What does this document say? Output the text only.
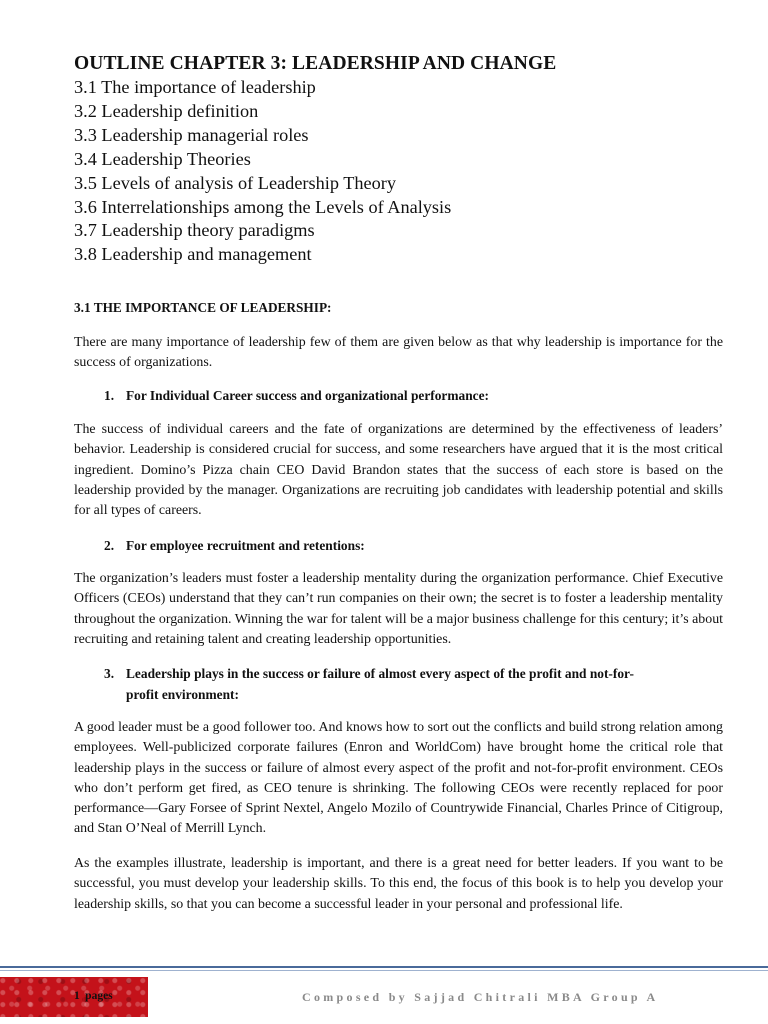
OUTLINE CHAPTER 3: LEADERSHIP AND CHANGE
3.1 The importance of leadership
3.2 Leadership definition
3.3 Leadership managerial roles
3.4 Leadership Theories
3.5 Levels of analysis of Leadership Theory
3.6 Interrelationships among the Levels of Analysis
3.7 Leadership theory paradigms
3.8 Leadership and management
3.1 THE IMPORTANCE OF LEADERSHIP:

There are many importance of leadership few of them are given below as that why leadership is importance for the success of organizations.

1. For Individual Career success and organizational performance:

The success of individual careers and the fate of organizations are determined by the effectiveness of leaders’ behavior. Leadership is considered crucial for success, and some researchers have argued that it is the most critical ingredient. Domino’s Pizza chain CEO David Brandon states that the success of each store is based on the leadership provided by the manager. Organizations are recruiting job candidates with leadership potential and skills for all types of careers.

2. For employee recruitment and retentions:

The organization’s leaders must foster a leadership mentality during the organization performance. Chief Executive Officers (CEOs) understand that they can’t run companies on their own; the secret is to foster a leadership mentality throughout the organization. Winning the war for talent will be a major business challenge for this century; it’s about recruiting and retaining talent and creating leadership opportunities.

3. Leadership plays in the success or failure of almost every aspect of the profit and not-for-
profit environment:

A good leader must be a good follower too. And knows how to sort out the conflicts and build strong relation among employees. Well-publicized corporate failures (Enron and WorldCom) have brought home the critical role that leadership plays in the success or failure of almost every aspect of the profit and not-for-profit environment. CEOs who don’t perform get fired, as CEO tenure is shrinking. The following CEOs were recently replaced for poor performance—Gary Forsee of Sprint Nextel, Angelo Mozilo of Countrywide Financial, Charles Prince of Citigroup, and Stan O’Neal of Merrill Lynch.

As the examples illustrate, leadership is important, and there is a great need for better leaders. If you want to be successful, you must develop your leadership skills. To this end, the focus of this book is to help you develop your leadership skills, so that you can become a successful leader in your personal and professional life.

1 |pages	Composed by Sajjad Chitrali MBA Group A
